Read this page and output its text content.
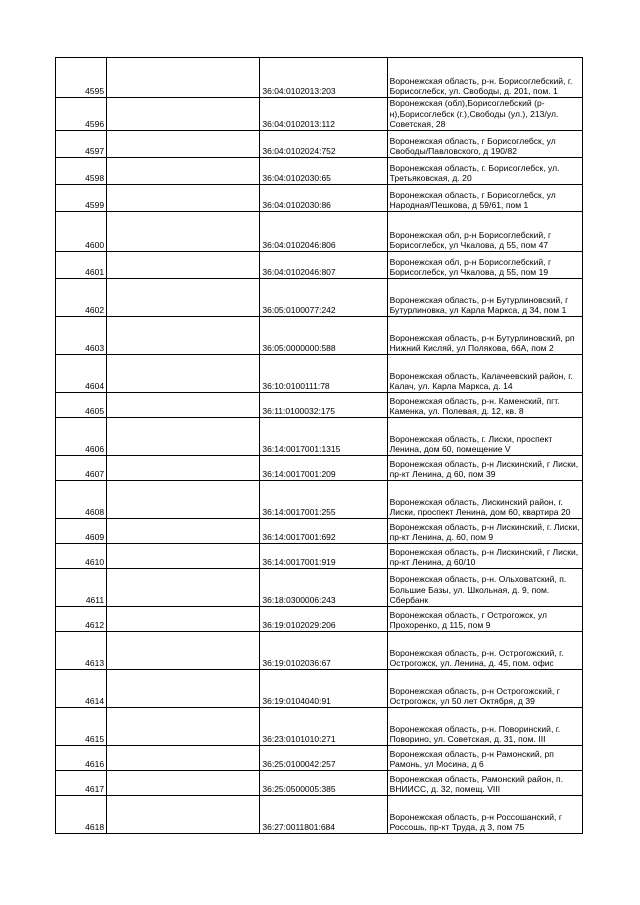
4595		36:04:0102013:203	Воронежская область, р-н. Борисоглебский, г. Борисоглебск, ул. Свободы, д. 201, пом. 1
4596		36:04:0102013:112	Воронежская (обл),Борисоглебский (р-н),Борисоглебск (г.),Свободы (ул.), 213/ул. Советская, 28
4597		36:04:0102024:752	Воронежская область, г Борисоглебск, ул Свободы/Павловского, д 190/82
4598		36:04:0102030:65	Воронежская область, г. Борисоглебск, ул. Третьяковская, д. 20
4599		36:04:0102030:86	Воронежская область, г Борисоглебск, ул Народная/Пешкова, д 59/61, пом 1
4600		36:04:0102046:806	Воронежская обл, р-н Борисоглебский, г Борисоглебск, ул Чкалова, д 55, пом 47
4601		36:04:0102046:807	Воронежская обл, р-н Борисоглебский, г Борисоглебск, ул Чкалова, д 55, пом 19
4602		36:05:0100077:242	Воронежская область, р-н Бутурлиновский, г Бутурлиновка, ул Карла Маркса, д 34, пом 1
4603		36:05:0000000:588	Воронежская область, р-н Бутурлиновский, рп Нижний Кисляй, ул Полякова, 66А, пом 2
4604		36:10:0100111:78	Воронежская область, Калачеевский район, г. Калач, ул. Карла Маркса, д. 14
4605		36:11:0100032:175	Воронежская область, р-н. Каменский, пгт. Каменка, ул. Полевая, д. 12, кв. 8
4606		36:14:0017001:1315	Воронежская область, г. Лиски, проспект Ленина, дом 60, помещение V
4607		36:14:0017001:209	Воронежская область, р-н Лискинский, г Лиски, пр-кт Ленина, д 60, пом 39
4608		36:14:0017001:255	Воронежская область, Лискинский район, г. Лиски, проспект Ленина, дом 60, квартира 20
4609		36:14:0017001:692	Воронежская область, р-н Лискинский, г. Лиски, пр-кт Ленина, д. 60, пом 9
4610		36:14:0017001:919	Воронежская область, р-н Лискинский, г Лиски, пр-кт Ленина, д 60/10
4611		36:18:0300006:243	Воронежская область, р-н. Ольховатский, п. Большие Базы, ул. Школьная, д. 9, пом. Сбербанк
4612		36:19:0102029:206	Воронежская область, г Острогожск, ул Прохоренко, д 115, пом 9
4613		36:19:0102036:67	Воронежская область, р-н. Острогожский, г. Острогожск, ул. Ленина, д. 45, пом. офис
4614		36:19:0104040:91	Воронежская область, р-н Острогожский, г Острогожск, ул 50 лет Октября, д 39
4615		36:23:0101010:271	Воронежская область, р-н. Поворинский, г. Поворино, ул. Советская, д. 31, пом. III
4616		36:25:0100042:257	Воронежская область, р-н Рамонский, рп Рамонь, ул Мосина, д 6
4617		36:25:0500005:385	Воронежская область, Рамонский район, п. ВНИИСС, д. 32, помещ. VIII
4618		36:27:0011801:684	Воронежская область, р-н Россошанский, г Россошь, пр-кт Труда, д 3, пом 75
